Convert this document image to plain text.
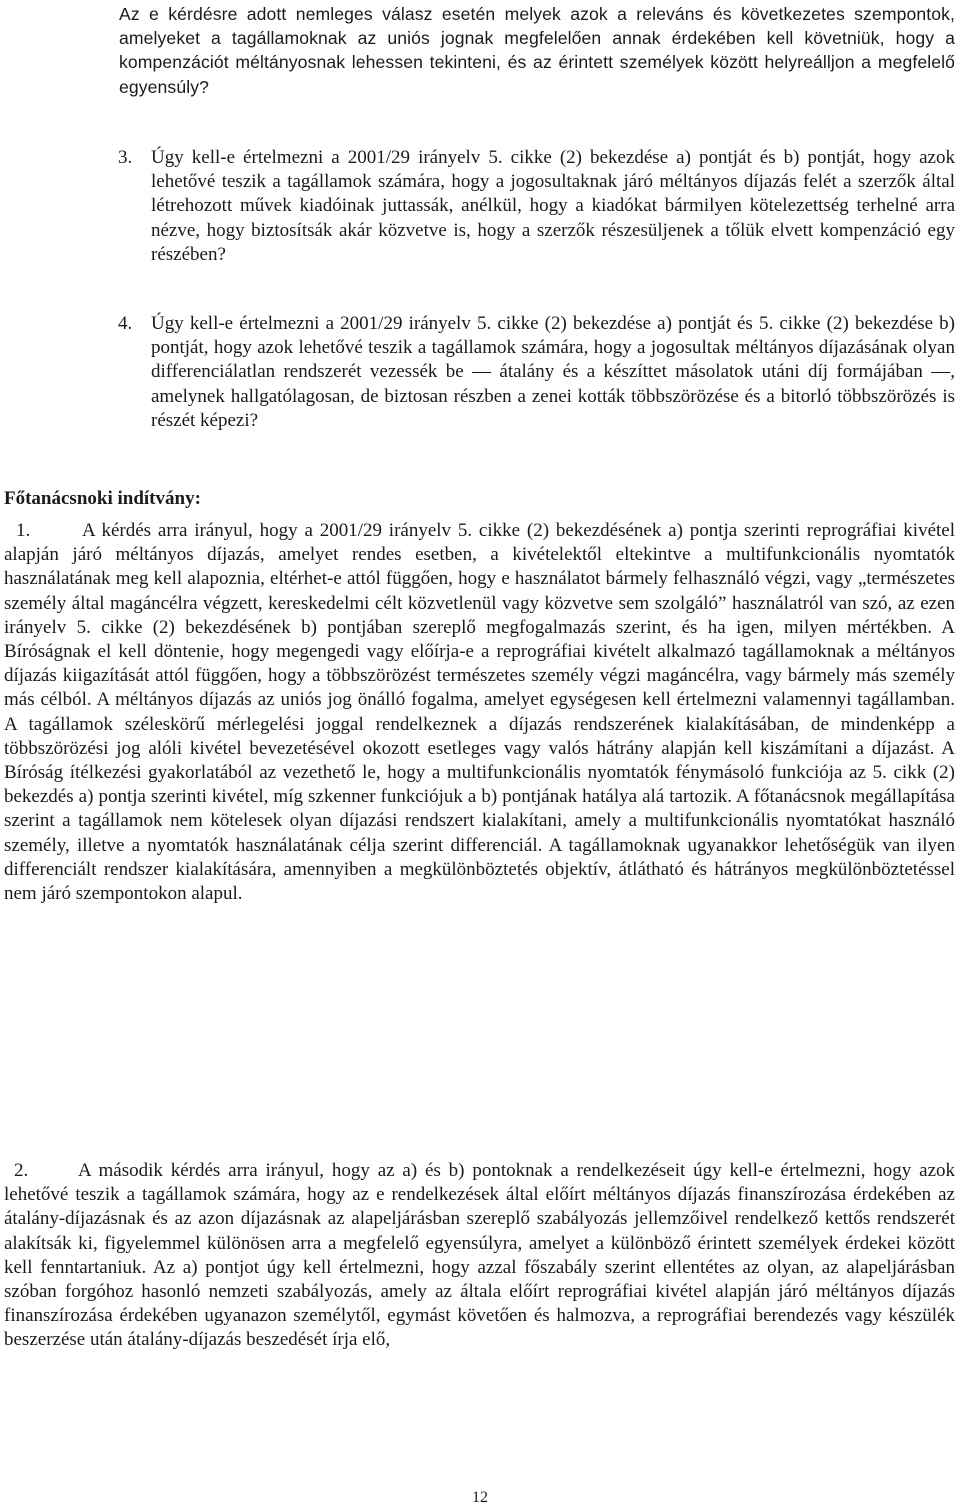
Az e kérdésre adott nemleges válasz esetén melyek azok a releváns és következetes szempontok, amelyeket a tagállamoknak az uniós jognak megfelelően annak érdekében kell követniük, hogy a kompenzációt méltányosnak lehessen tekinteni, és az érintett személyek között helyreálljon a megfelelő egyensúly?

3. Úgy kell-e értelmezni a 2001/29 irányelv 5. cikke (2) bekezdése a) pontját és b) pontját, hogy azok lehetővé teszik a tagállamok számára, hogy a jogosultaknak járó méltányos díjazás felét a szerzők által létrehozott művek kiadóinak juttassák, anélkül, hogy a kiadókat bármilyen kötelezettség terhelné arra nézve, hogy biztosítsák akár közvetve is, hogy a szerzők részesüljenek a tőlük elvett kompenzáció egy részében?

4. Úgy kell-e értelmezni a 2001/29 irányelv 5. cikke (2) bekezdése a) pontját és 5. cikke (2) bekezdése b) pontját, hogy azok lehetővé teszik a tagállamok számára, hogy a jogosultak méltányos díjazásának olyan differenciálatlan rendszerét vezessék be ― átalány és a készíttet másolatok utáni díj formájában ―, amelynek hallgatólagosan, de biztosan részben a zenei kották többszörözése és a bitorló többszörözés is részét képezi?

Főtanácsnoki indítvány:

1.	A kérdés arra irányul, hogy a 2001/29 irányelv 5. cikke (2) bekezdésének a) pontja szerinti reprográfiai kivétel alapján járó méltányos díjazás, amelyet rendes esetben, a kivételektől eltekintve a multifunkcionális nyomtatók használatának meg kell alapoznia, eltérhet-e attól függően, hogy e használatot bármely felhasználó végzi, vagy „természetes személy által magáncélra végzett, kereskedelmi célt közvetlenül vagy közvetve sem szolgáló” használatról van szó, az ezen irányelv 5. cikke (2) bekezdésének b) pontjában szereplő megfogalmazás szerint, és ha igen, milyen mértékben. A Bíróságnak el kell döntenie, hogy megengedi vagy előírja-e a reprográfiai kivételt alkalmazó tagállamoknak a méltányos díjazás kiigazítását attól függően, hogy a többszörözést természetes személy végzi magáncélra, vagy bármely más személy más célból. A méltányos díjazás az uniós jog önálló fogalma, amelyet egységesen kell értelmezni valamennyi tagállamban. A tagállamok széleskörű mérlegelési joggal rendelkeznek a díjazás rendszerének kialakításában, de mindenképp a többszörözési jog alóli kivétel bevezetésével okozott esetleges vagy valós hátrány alapján kell kiszámítani a díjazást. A Bíróság ítélkezési gyakorlatából az vezethető le, hogy a multifunkcionális nyomtatók fénymásoló funkciója az 5. cikk (2) bekezdés a) pontja szerinti kivétel, míg szkenner funkciójuk a b) pontjának hatálya alá tartozik. A főtanácsnok megállapítása szerint a tagállamok nem kötelesek olyan díjazási rendszert kialakítani, amely a multifunkcionális nyomtatókat használó személy, illetve a nyomtatók használatának célja szerint differenciál. A tagállamoknak ugyanakkor lehetőségük van ilyen differenciált rendszer kialakítására, amennyiben a megkülönböztetés objektív, átlátható és hátrányos megkülönböztetéssel nem járó szempontokon alapul.

2.	A második kérdés arra irányul, hogy az a) és b) pontoknak a rendelkezéseit úgy kell-e értelmezni, hogy azok lehetővé teszik a tagállamok számára, hogy az e rendelkezések által előírt méltányos díjazás finanszírozása érdekében az átalány-díjazásnak és az azon díjazásnak az alapeljárásban szereplő szabályozás jellemzőivel rendelkező kettős rendszerét alakítsák ki, figyelemmel különösen arra a megfelelő egyensúlyra, amelyet a különböző érintett személyek érdekei között kell fenntartaniuk. Az a) pontjot úgy kell értelmezni, hogy azzal főszabály szerint ellentétes az olyan, az alapeljárásban szóban forgóhoz hasonló nemzeti szabályozás, amely az általa előírt reprográfiai kivétel alapján járó méltányos díjazás finanszírozása érdekében ugyanazon személytől, egymást követően és halmozva, a reprográfiai berendezés vagy készülék beszerzése után átalány-díjazás beszedését írja elő,

12
